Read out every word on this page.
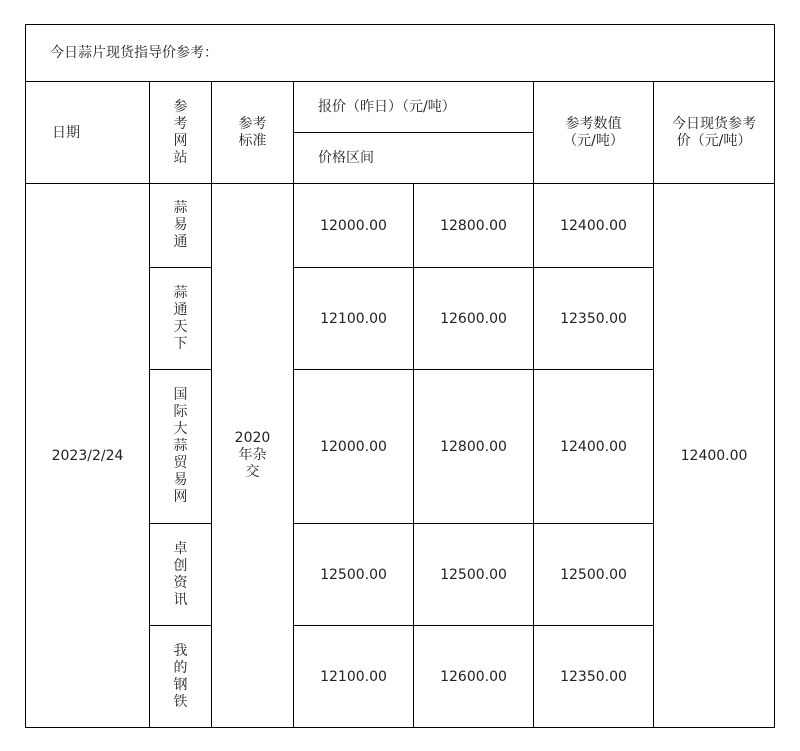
今日蒜片现货指导价参考：						
日期	参考网站	参考标准	报价（昨日）（元/吨）		参考数值（元/吨）	今日现货参考价（元/吨）
			价格区间			
2023/2/24	蒜易通	2020年杂交	12000.00	12800.00	12400.00	12400.00
	蒜通天下		12100.00	12600.00	12350.00	
	国际大蒜贸易网		12000.00	12800.00	12400.00	
	卓创资讯		12500.00	12500.00	12500.00	
	我的钢铁		12100.00	12600.00	12350.00	
